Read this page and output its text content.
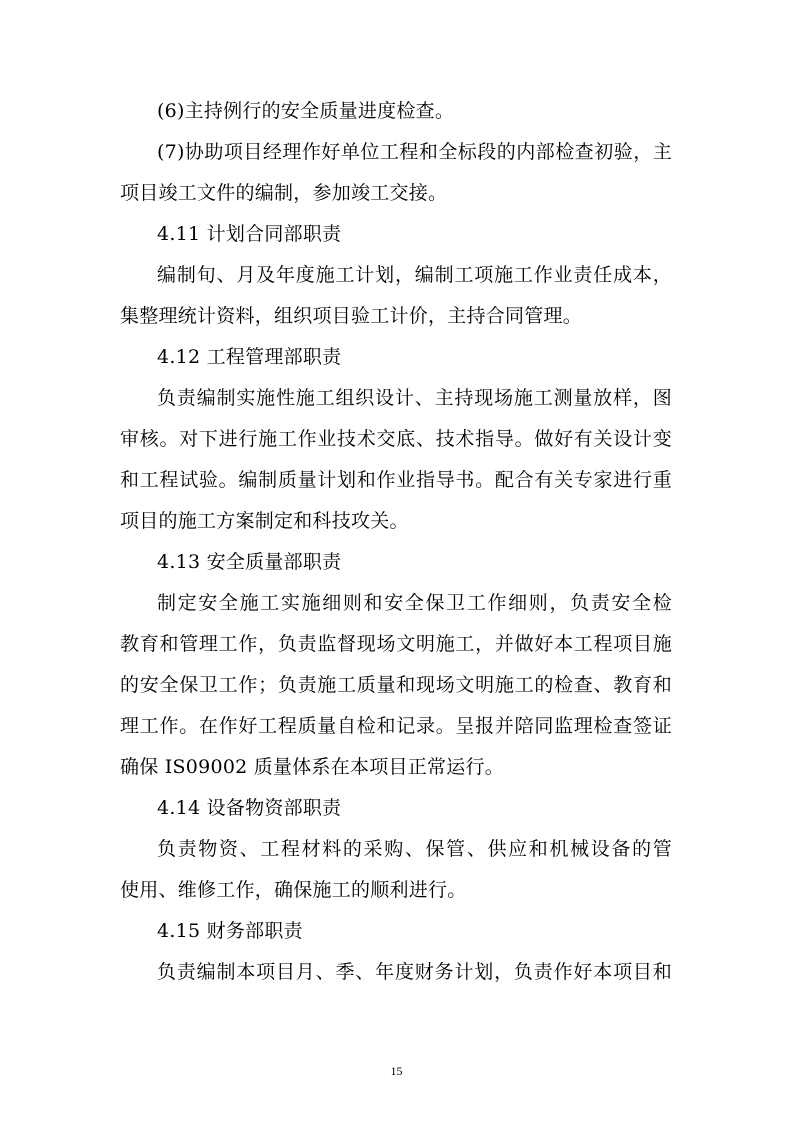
(6)主持例行的安全质量进度检查。
(7)协助项目经理作好单位工程和全标段的内部检查初验，主
项目竣工文件的编制，参加竣工交接。
4.11 计划合同部职责
编制旬、月及年度施工计划，编制工项施工作业责任成本，
集整理统计资料，组织项目验工计价，主持合同管理。
4.12 工程管理部职责
负责编制实施性施工组织设计、主持现场施工测量放样，图
审核。对下进行施工作业技术交底、技术指导。做好有关设计变
和工程试验。编制质量计划和作业指导书。配合有关专家进行重
项目的施工方案制定和科技攻关。
4.13 安全质量部职责
制定安全施工实施细则和安全保卫工作细则，负责安全检
教育和管理工作，负责监督现场文明施工，并做好本工程项目施
的安全保卫工作；负责施工质量和现场文明施工的检查、教育和
理工作。在作好工程质量自检和记录。呈报并陪同监理检查签证
确保 IS09002 质量体系在本项目正常运行。
4.14 设备物资部职责
负责物资、工程材料的采购、保管、供应和机械设备的管
使用、维修工作，确保施工的顺利进行。
4.15 财务部职责
负责编制本项目月、季、年度财务计划，负责作好本项目和
15
